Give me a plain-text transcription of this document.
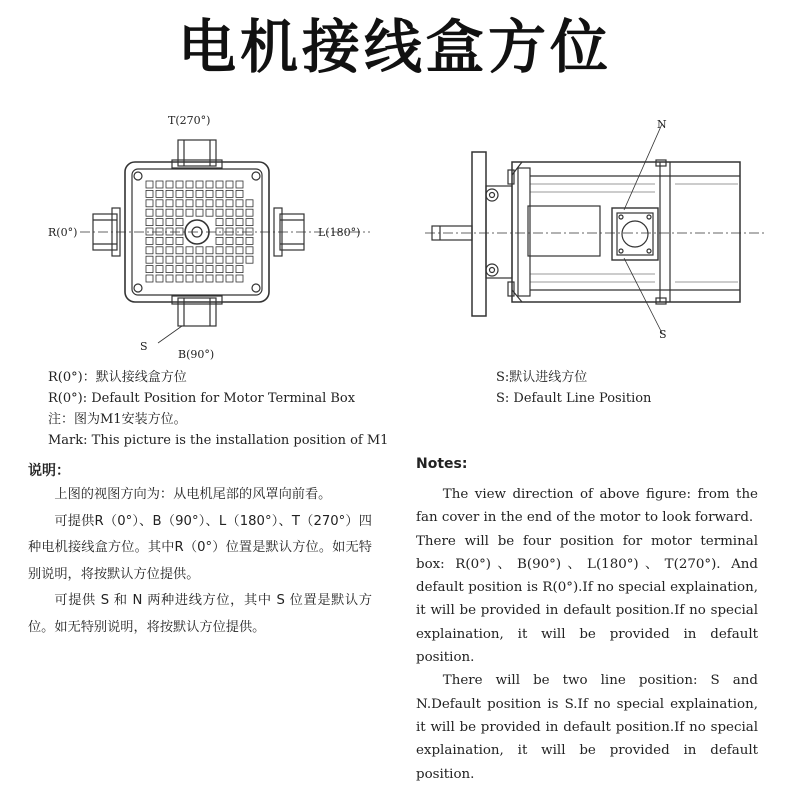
电机接线盒方位
T(270°)
R(0°)	L(180°)
B(90°)
S
N
S
R(0°)：默认接线盒方位
R(0°): Default Position for Motor Terminal Box
注：图为M1安装方位。
Mark: This picture is the installation position of M1
S:默认进线方位
S: Default Line Position
说明：

上图的视图方向为：从电机尾部的风罩向前看。

可提供R（0°）、B（90°）、L（180°）、T（270°）四种电机接线盒方位。其中R（0°）位置是默认方位。如无特别说明，将按默认方位提供。

可提供 S 和 N 两种进线方位，其中 S 位置是默认方位。如无特别说明，将按默认方位提供。

Notes:

The view direction of above figure: from the fan cover in the end of the motor to look forward.

There will be four position for motor terminal box: R(0°)、B(90°)、L(180°)、T(270°). And default position is R(0°).If no special explaination, it will be provided in default position.If no special explaination, it will be provided in default position.

There will be two line position: S and N.Default position is S.If no special explaination, it will be provided in default position.If no special explaination, it will be provided in default position.
